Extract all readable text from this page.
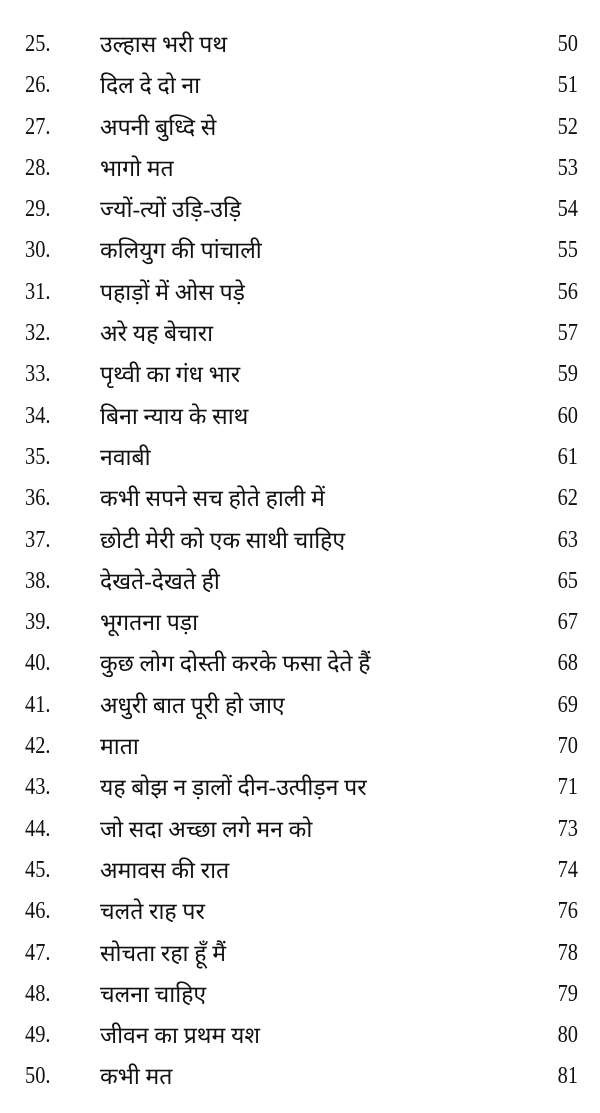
25. उल्हास भरी पथ	50
26. दिल दे दो ना	51
27. अपनी बुध्दि से	52
28. भागो मत	53
29. ज्यों-त्यों उड़ि-उड़ि	54
30. कलियुग की पांचाली	55
31. पहाड़ों में ओस पड़े	56
32. अरे यह बेचारा	57
33. पृथ्वी का गंध भार	59
34. बिना न्याय के साथ	60
35. नवाबी	61
36. कभी सपने सच होते हाली में	62
37. छोटी मेरी को एक साथी चाहिए	63
38. देखते-देखते ही	65
39. भूगतना पड़ा	67
40. कुछ लोग दोस्ती करके फसा देते हैं	68
41. अधुरी बात पूरी हो जाए	69
42. माता	70
43. यह बोझ न ड़ालों दीन-उत्पीड़न पर	71
44. जो सदा अच्छा लगे मन को	73
45. अमावस की रात	74
46. चलते राह पर	76
47. सोचता रहा हूँ मैं	78
48. चलना चाहिए	79
49. जीवन का प्रथम यश	80
50. कभी मत	81
